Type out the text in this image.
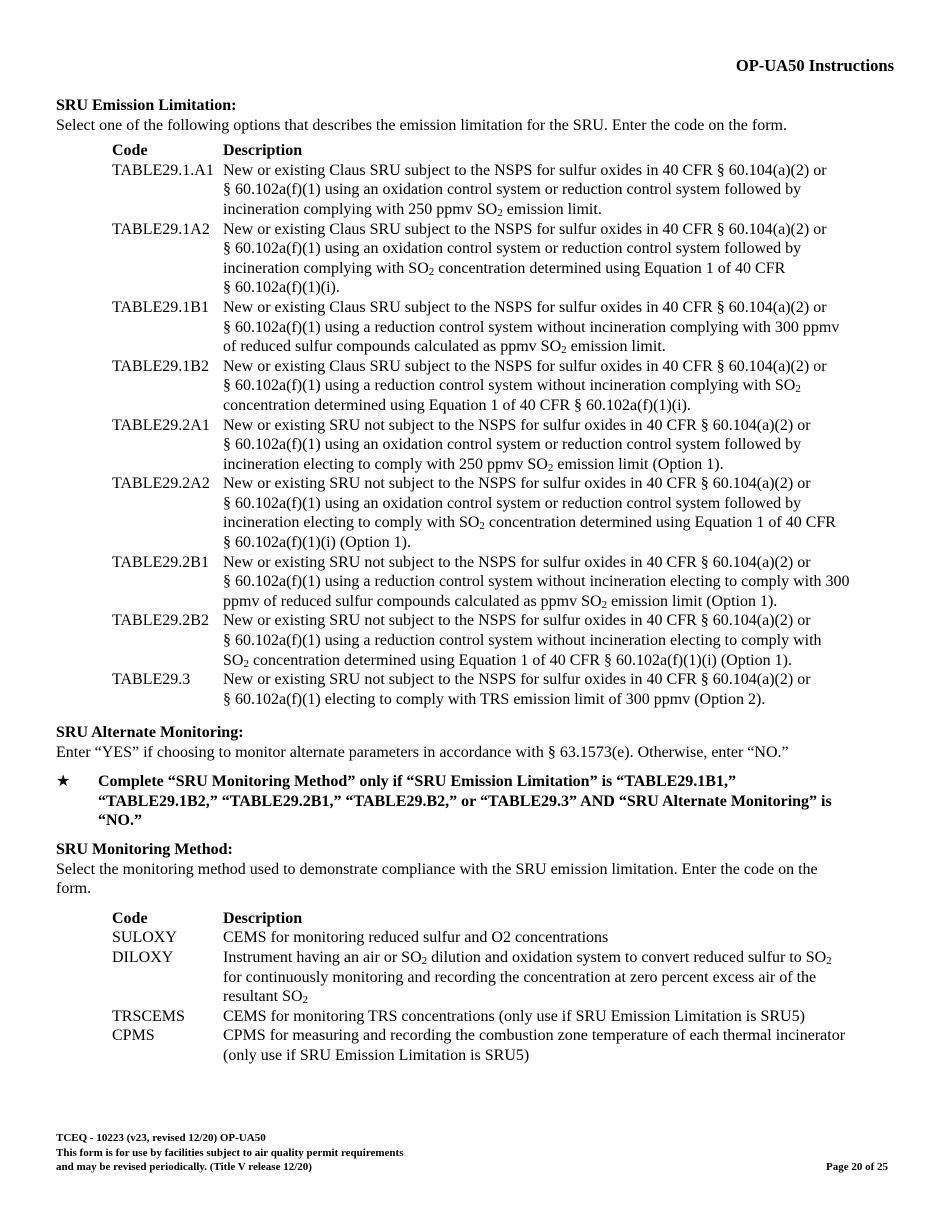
OP-UA50 Instructions
SRU Emission Limitation:
Select one of the following options that describes the emission limitation for the SRU. Enter the code on the form.
Code	Description
TABLE29.1.A1 New or existing Claus SRU subject to the NSPS for sulfur oxides in 40 CFR § 60.104(a)(2) or
§ 60.102a(f)(1) using an oxidation control system or reduction control system followed by
incineration complying with 250 ppmv $SO_2$ emission limit.
TABLE29.1A2 New or existing Claus SRU subject to the NSPS for sulfur oxides in 40 CFR § 60.104(a)(2) or
§ 60.102a(f)(1) using an oxidation control system or reduction control system followed by
incineration complying with $SO_2$ concentration determined using Equation 1 of 40 CFR
§ 60.102a(f)(1)(i).
TABLE29.1B1 New or existing Claus SRU subject to the NSPS for sulfur oxides in 40 CFR § 60.104(a)(2) or
§ 60.102a(f)(1) using a reduction control system without incineration complying with 300 ppmv
of reduced sulfur compounds calculated as ppmv $SO_2$ emission limit.
TABLE29.1B2 New or existing Claus SRU subject to the NSPS for sulfur oxides in 40 CFR § 60.104(a)(2) or
§ 60.102a(f)(1) using a reduction control system without incineration complying with $SO_2$
concentration determined using Equation 1 of 40 CFR § 60.102a(f)(1)(i).
TABLE29.2A1 New or existing SRU not subject to the NSPS for sulfur oxides in 40 CFR § 60.104(a)(2) or
§ 60.102a(f)(1) using an oxidation control system or reduction control system followed by
incineration electing to comply with 250 ppmv $SO_2$ emission limit (Option 1).
TABLE29.2A2 New or existing SRU not subject to the NSPS for sulfur oxides in 40 CFR § 60.104(a)(2) or
§ 60.102a(f)(1) using an oxidation control system or reduction control system followed by
incineration electing to comply with $SO_2$ concentration determined using Equation 1 of 40 CFR
§ 60.102a(f)(1)(i) (Option 1).
TABLE29.2B1 New or existing SRU not subject to the NSPS for sulfur oxides in 40 CFR § 60.104(a)(2) or
§ 60.102a(f)(1) using a reduction control system without incineration electing to comply with 300
ppmv of reduced sulfur compounds calculated as ppmv $SO_2$ emission limit (Option 1).
TABLE29.2B2 New or existing SRU not subject to the NSPS for sulfur oxides in 40 CFR § 60.104(a)(2) or
§ 60.102a(f)(1) using a reduction control system without incineration electing to comply with
$SO_2$ concentration determined using Equation 1 of 40 CFR § 60.102a(f)(1)(i) (Option 1).
TABLE29.3	New or existing SRU not subject to the NSPS for sulfur oxides in 40 CFR § 60.104(a)(2) or
§ 60.102a(f)(1) electing to comply with TRS emission limit of 300 ppmv (Option 2).
SRU Alternate Monitoring:
Enter “YES” if choosing to monitor alternate parameters in accordance with § 63.1573(e). Otherwise, enter “NO.”
★	Complete “SRU Monitoring Method” only if “SRU Emission Limitation” is “TABLE29.1B1,”
“TABLE29.1B2,” “TABLE29.2B1,” “TABLE29.B2,” or “TABLE29.3” AND “SRU Alternate Monitoring” is
“NO.”
SRU Monitoring Method:
Select the monitoring method used to demonstrate compliance with the SRU emission limitation. Enter the code on the
form.
Code	Description
SULOXY	CEMS for monitoring reduced sulfur and O2 concentrations
DILOXY	Instrument having an air or $SO_2$ dilution and oxidation system to convert reduced sulfur to $SO_2$
for continuously monitoring and recording the concentration at zero percent excess air of the
resultant $SO_2$
TRSCEMS	CEMS for monitoring TRS concentrations (only use if SRU Emission Limitation is SRU5)
CPMS	CPMS for measuring and recording the combustion zone temperature of each thermal incinerator
(only use if SRU Emission Limitation is SRU5)
TCEQ - 10223 (v23, revised 12/20) OP-UA50
This form is for use by facilities subject to air quality permit requirements
and may be revised periodically. (Title V release 12/20)	Page 20 of 25
